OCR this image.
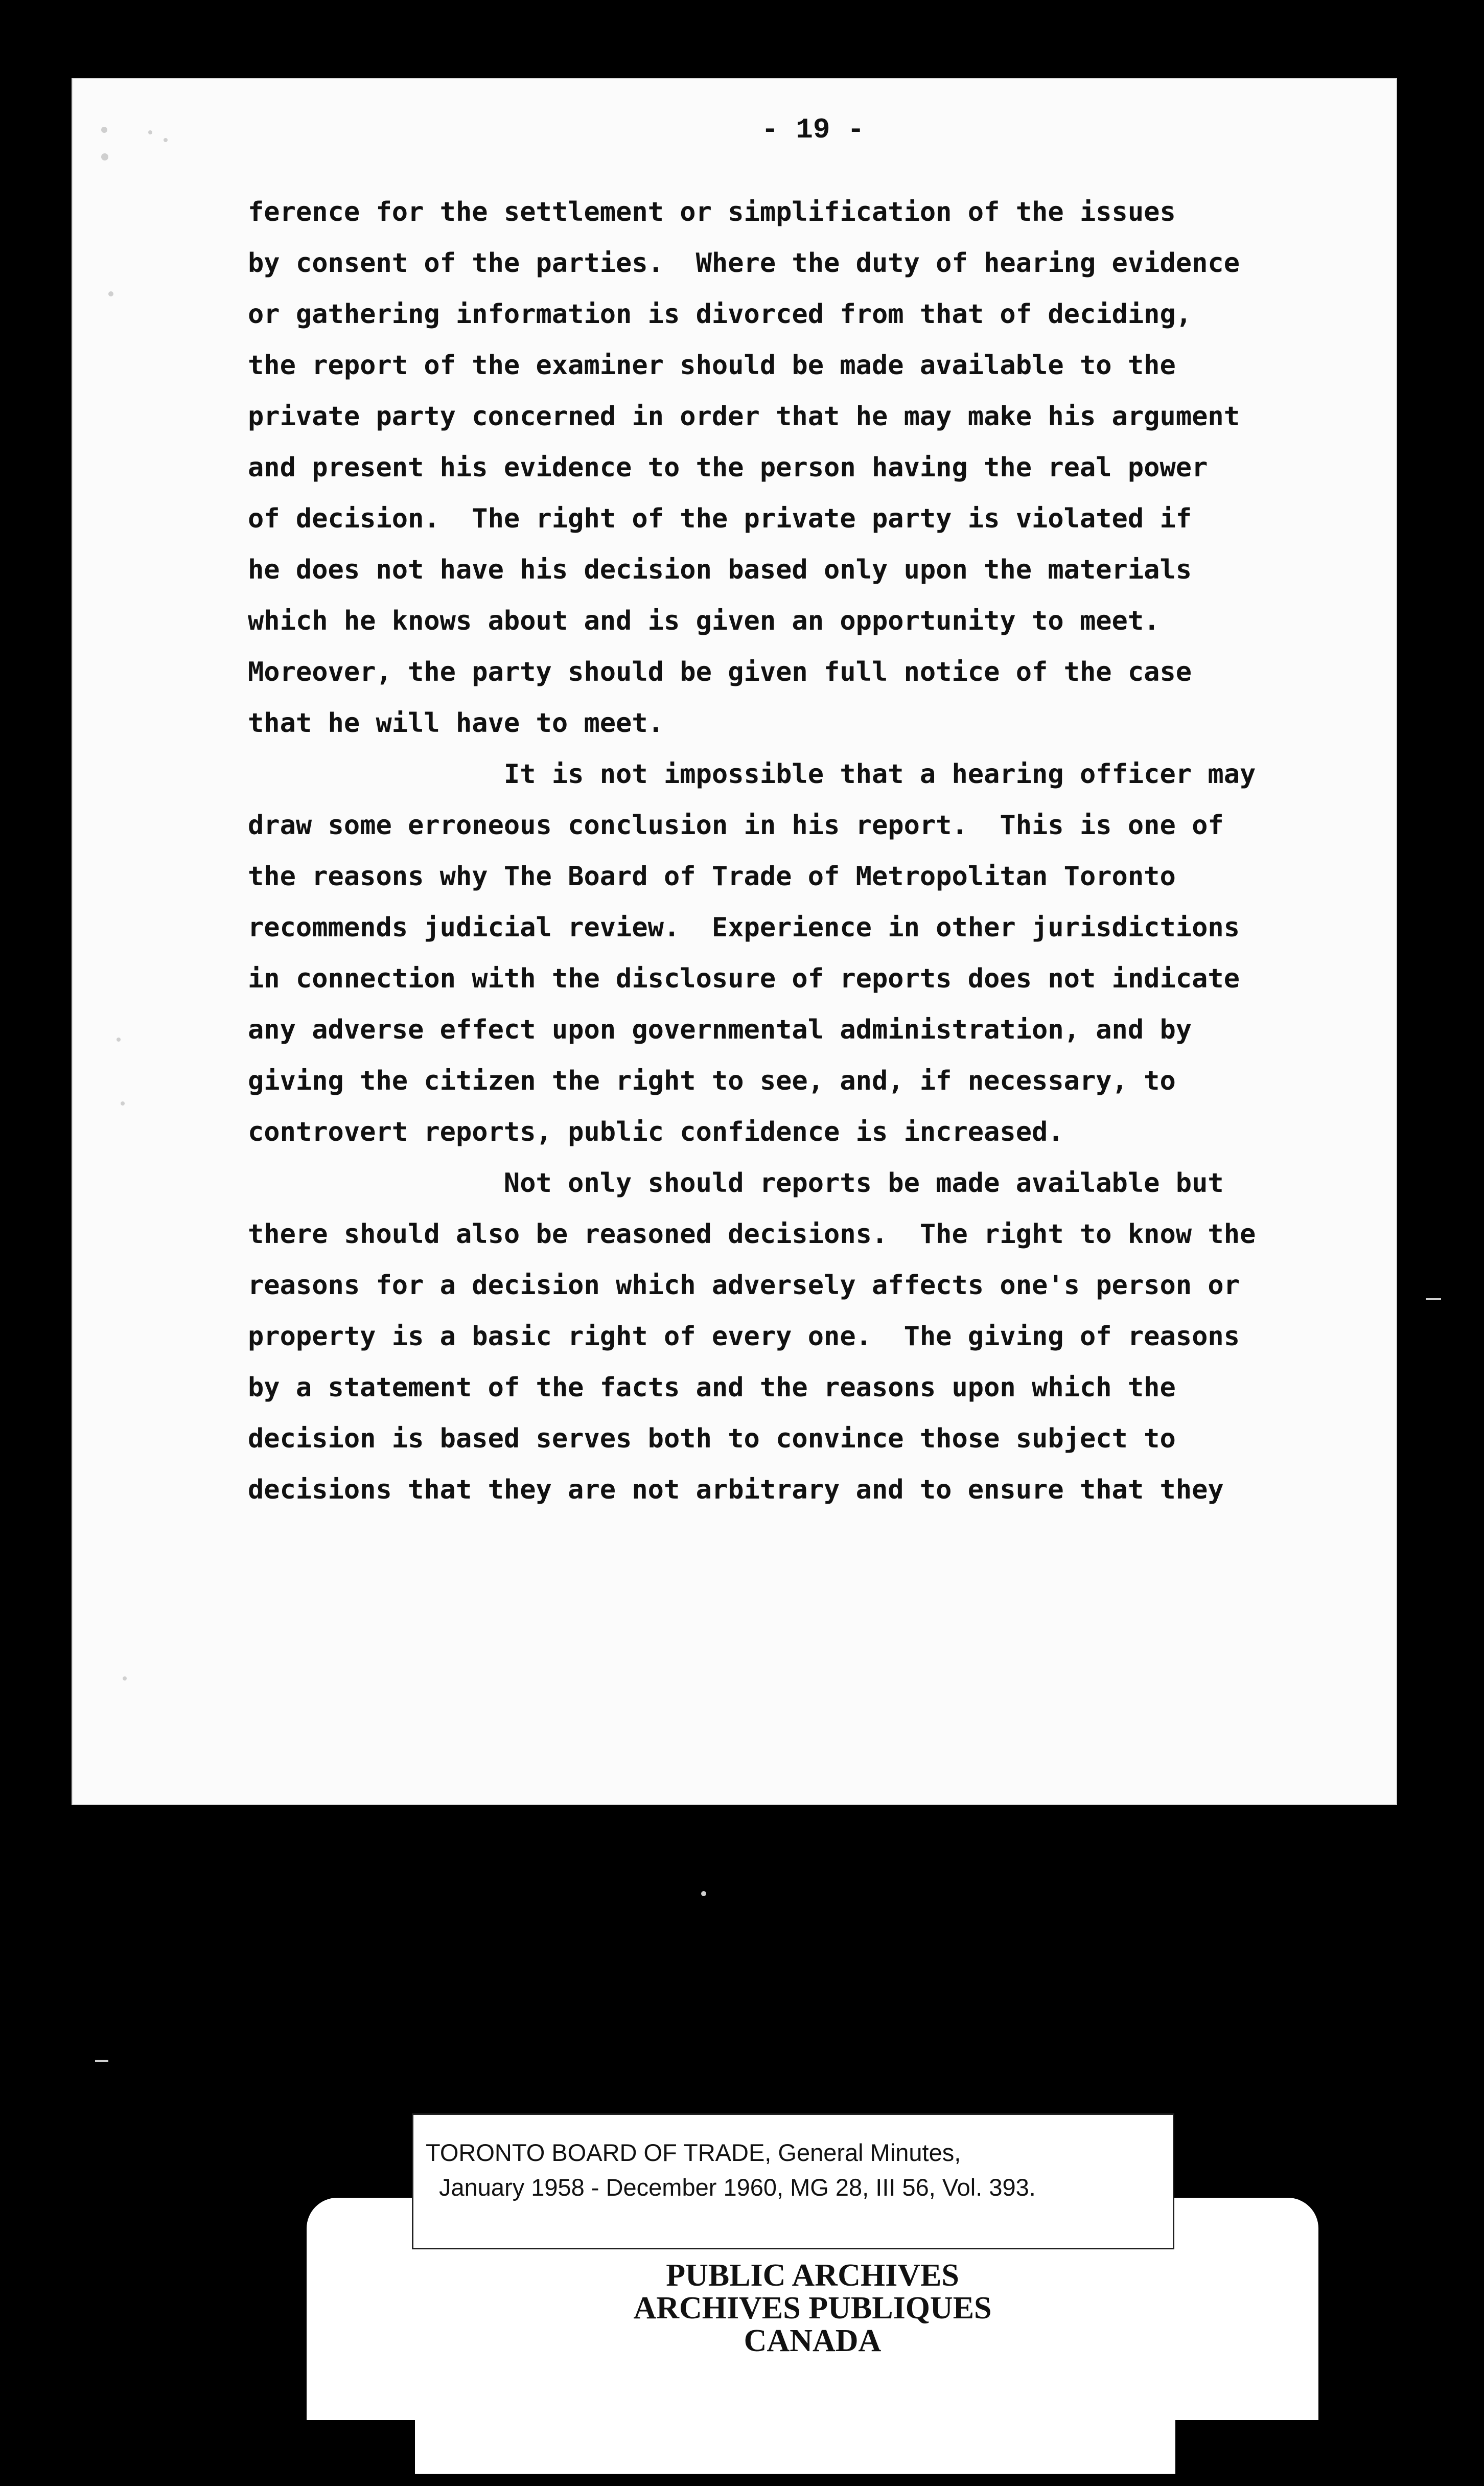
- 19 -
ference for the settlement or simplification of the issues
by consent of the parties.  Where the duty of hearing evidence
or gathering information is divorced from that of deciding,
the report of the examiner should be made available to the
private party concerned in order that he may make his argument
and present his evidence to the person having the real power
of decision.  The right of the private party is violated if
he does not have his decision based only upon the materials
which he knows about and is given an opportunity to meet.
Moreover, the party should be given full notice of the case
that he will have to meet.
It is not impossible that a hearing officer may
draw some erroneous conclusion in his report.  This is one of
the reasons why The Board of Trade of Metropolitan Toronto
recommends judicial review.  Experience in other jurisdictions
in connection with the disclosure of reports does not indicate
any adverse effect upon governmental administration, and by
giving the citizen the right to see, and, if necessary, to
controvert reports, public confidence is increased.
Not only should reports be made available but
there should also be reasoned decisions.  The right to know the
reasons for a decision which adversely affects one's person or
property is a basic right of every one.  The giving of reasons
by a statement of the facts and the reasons upon which the
decision is based serves both to convince those subject to
decisions that they are not arbitrary and to ensure that they
PUBLIC ARCHIVES
ARCHIVES PUBLIQUES
CANADA
TORONTO BOARD OF TRADE, General Minutes,
January 1958 - December 1960, MG 28, III 56, Vol. 393.
